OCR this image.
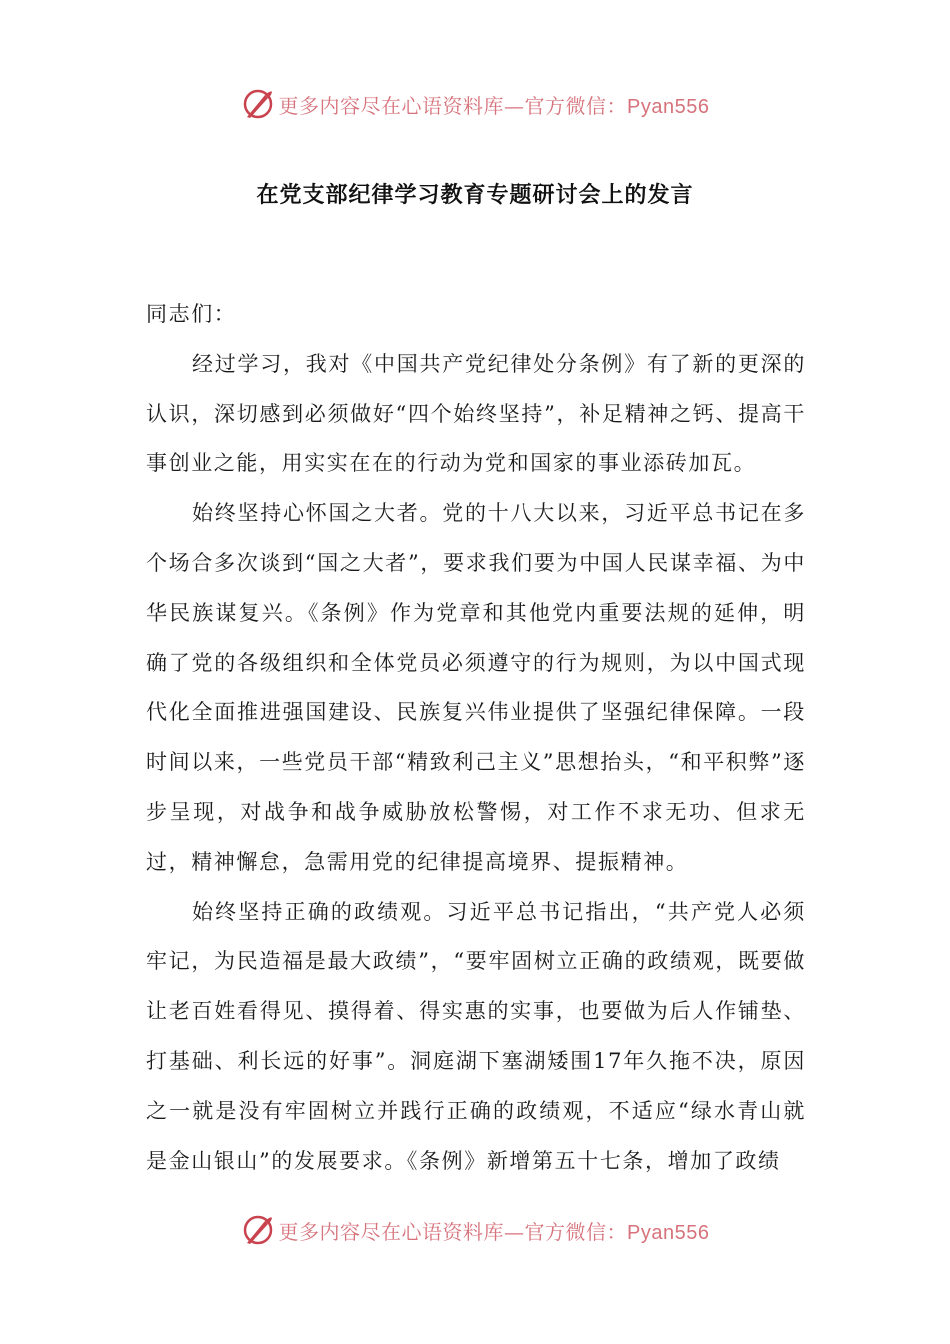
更多内容尽在心语资料库—官方微信：Pyan556
在党支部纪律学习教育专题研讨会上的发言

同志们：

经过学习，我对《中国共产党纪律处分条例》有了新的更深的认识，深切感到必须做好“四个始终坚持”，补足精神之钙、提高干事创业之能，用实实在在的行动为党和国家的事业添砖加瓦。

始终坚持心怀国之大者。党的十八大以来，习近平总书记在多个场合多次谈到“国之大者”，要求我们要为中国人民谋幸福、为中华民族谋复兴。《条例》作为党章和其他党内重要法规的延伸，明确了党的各级组织和全体党员必须遵守的行为规则，为以中国式现代化全面推进强国建设、民族复兴伟业提供了坚强纪律保障。一段时间以来，一些党员干部“精致利己主义”思想抬头，“和平积弊”逐步呈现，对战争和战争威胁放松警惕，对工作不求无功、但求无过，精神懈怠，急需用党的纪律提高境界、提振精神。

始终坚持正确的政绩观。习近平总书记指出，“共产党人必须牢记，为民造福是最大政绩”，“要牢固树立正确的政绩观，既要做让老百姓看得见、摸得着、得实惠的实事，也要做为后人作铺垫、打基础、利长远的好事”。洞庭湖下塞湖矮围17年久拖不决，原因之一就是没有牢固树立并践行正确的政绩观，不适应“绿水青山就是金山银山”的发展要求。《条例》新增第五十七条，增加了政绩

更多内容尽在心语资料库—官方微信：Pyan556
